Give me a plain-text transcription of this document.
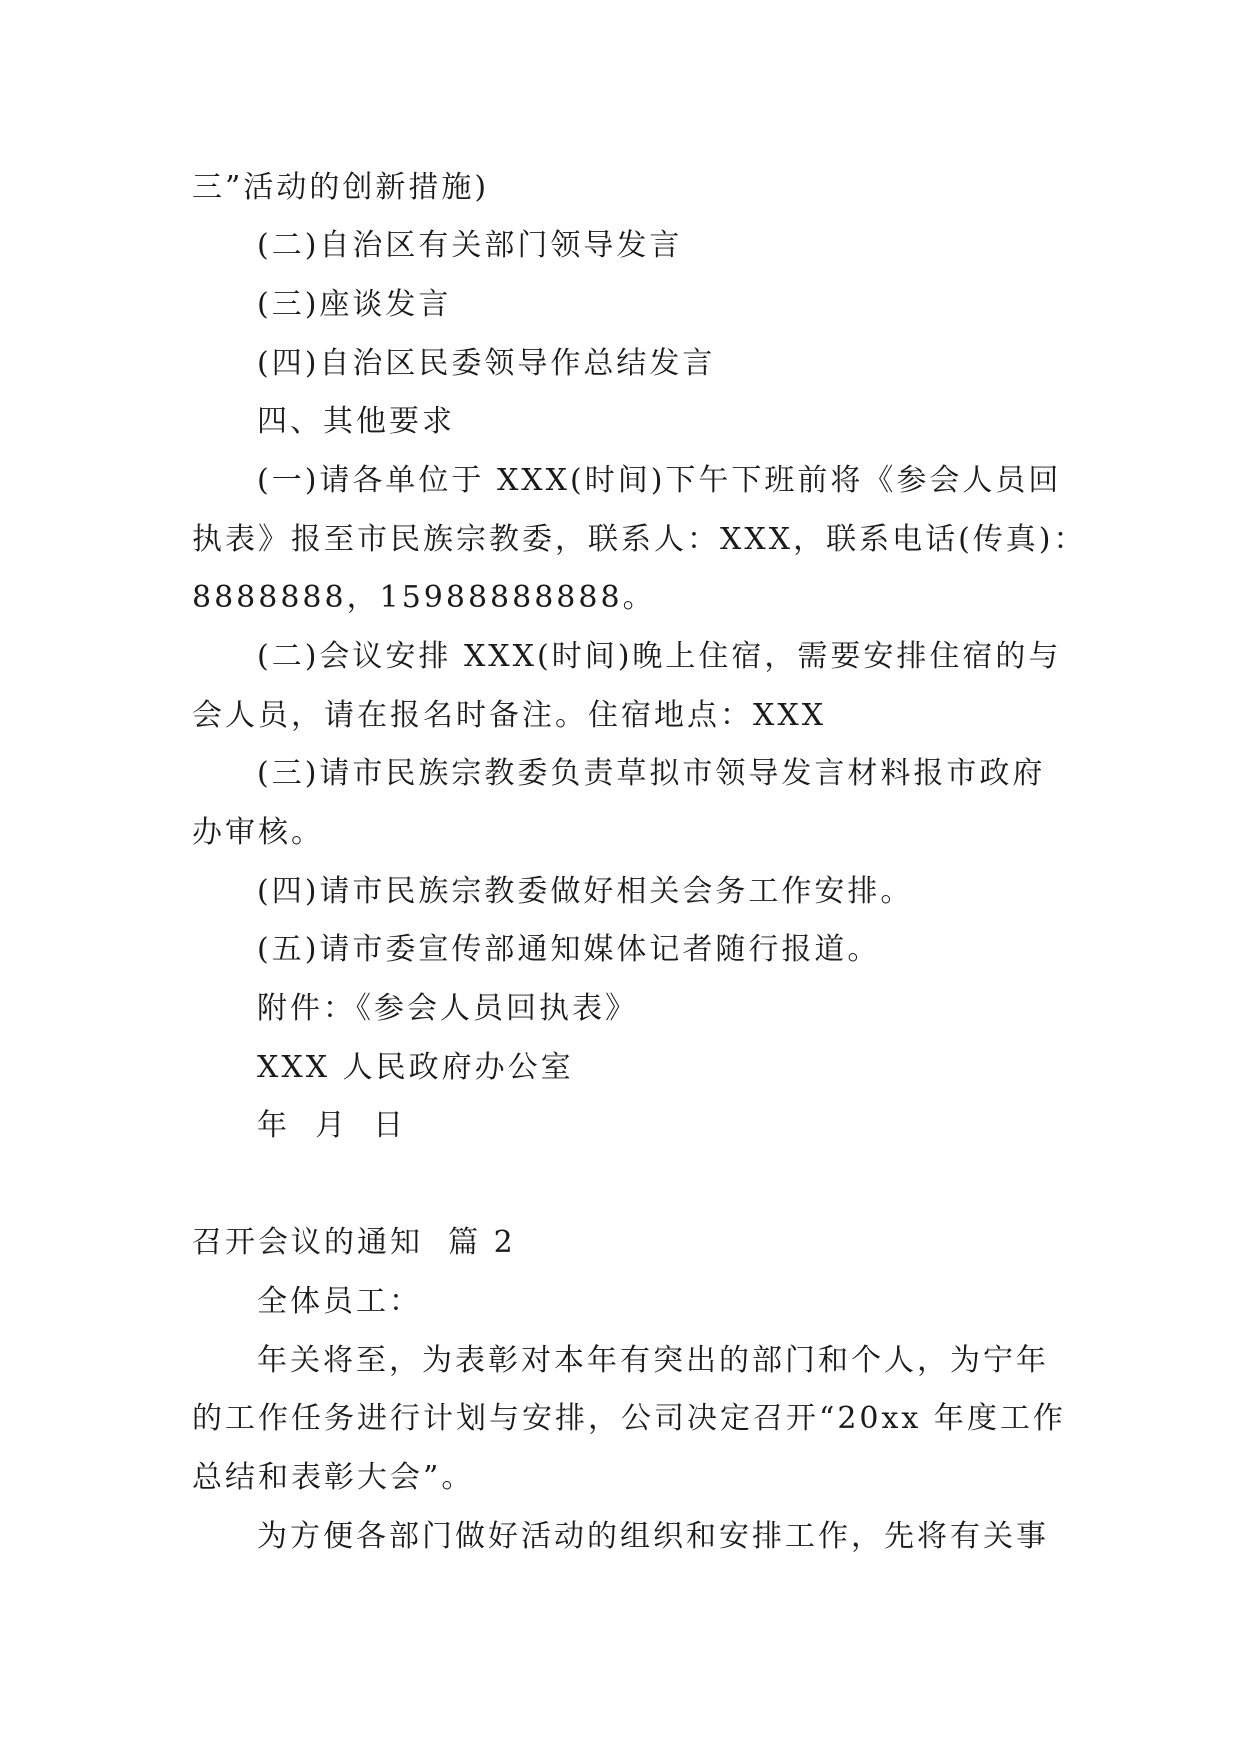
三”活动的创新措施)
(二)自治区有关部门领导发言
(三)座谈发言
(四)自治区民委领导作总结发言
四、其他要求
(一)请各单位于 XXX(时间)下午下班前将《参会人员回
执表》报至市民族宗教委，联系人：XXX，联系电话(传真)：
8888888，15988888888。
(二)会议安排 XXX(时间)晚上住宿，需要安排住宿的与
会人员，请在报名时备注。住宿地点：XXX
(三)请市民族宗教委负责草拟市领导发言材料报市政府
办审核。
(四)请市民族宗教委做好相关会务工作安排。
(五)请市委宣传部通知媒体记者随行报道。
附件：《参会人员回执表》
XXX 人民政府办公室
年  月  日
召开会议的通知  篇 2
全体员工：
年关将至，为表彰对本年有突出的部门和个人，为宁年
的工作任务进行计划与安排，公司决定召开“20xx 年度工作
总结和表彰大会”。
为方便各部门做好活动的组织和安排工作，先将有关事
